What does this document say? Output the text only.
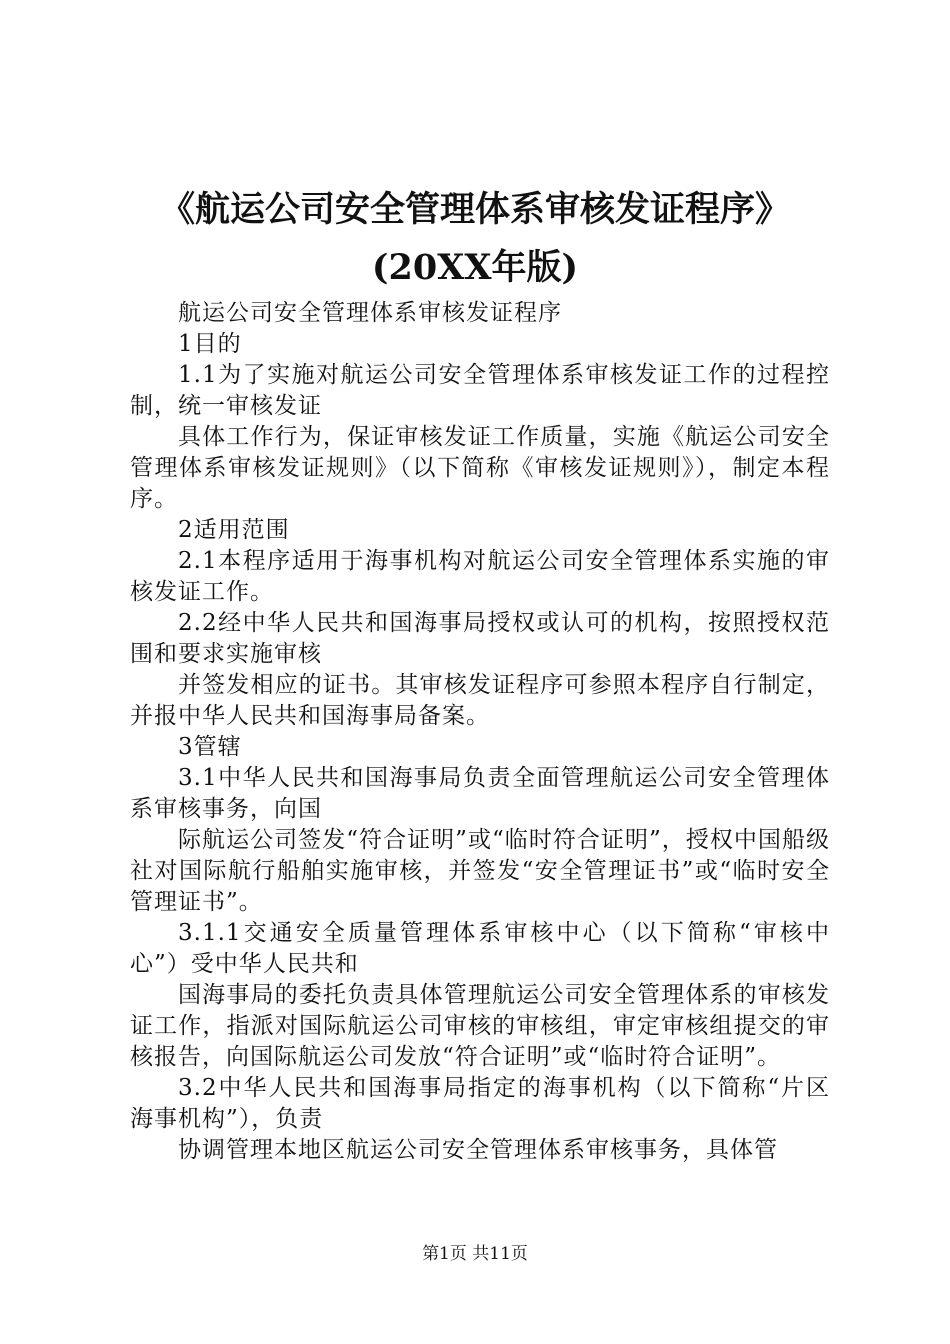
《航运公司安全管理体系审核发证程序》
(20XX年版)

航运公司安全管理体系审核发证程序

1目的

1.1为了实施对航运公司安全管理体系审核发证工作的过程控制，统一审核发证

具体工作行为，保证审核发证工作质量，实施《航运公司安全管理体系审核发证规则》（以下简称《审核发证规则》），制定本程序。

2适用范围

2.1本程序适用于海事机构对航运公司安全管理体系实施的审核发证工作。

2.2经中华人民共和国海事局授权或认可的机构，按照授权范围和要求实施审核

并签发相应的证书。其审核发证程序可参照本程序自行制定，并报中华人民共和国海事局备案。

3管辖

3.1中华人民共和国海事局负责全面管理航运公司安全管理体系审核事务，向国

际航运公司签发“符合证明”或“临时符合证明”，授权中国船级社对国际航行船舶实施审核，并签发“安全管理证书”或“临时安全管理证书”。

3.1.1交通安全质量管理体系审核中心（以下简称“审核中心”）受中华人民共和

国海事局的委托负责具体管理航运公司安全管理体系的审核发证工作，指派对国际航运公司审核的审核组，审定审核组提交的审核报告，向国际航运公司发放“符合证明”或“临时符合证明”。

3.2中华人民共和国海事局指定的海事机构（以下简称“片区海事机构”），负责

协调管理本地区航运公司安全管理体系审核事务，具体管

第1页 共11页
